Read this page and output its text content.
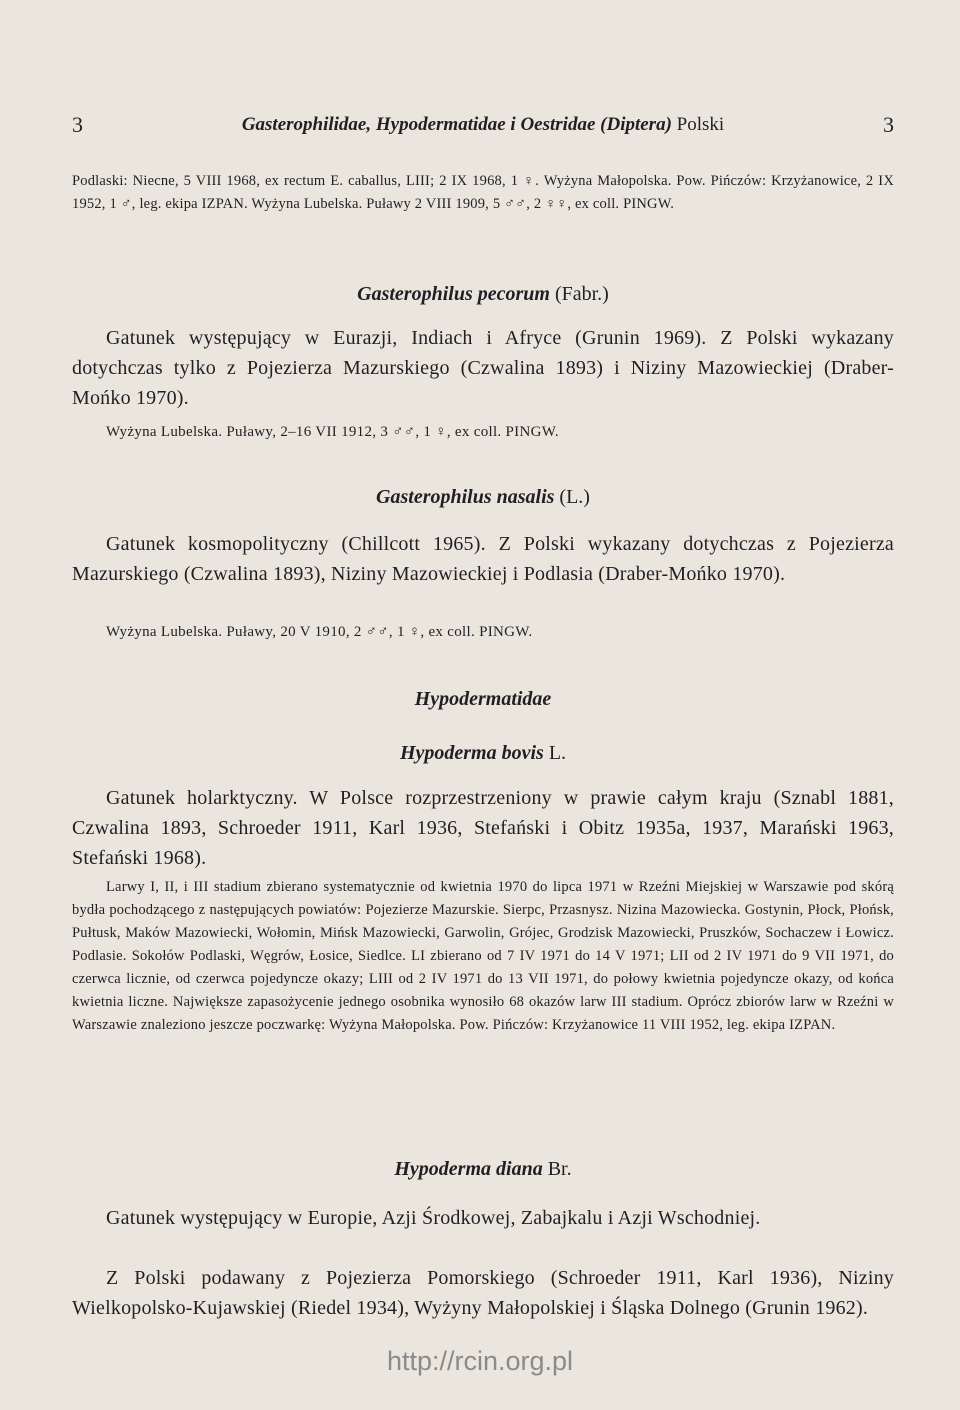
3	Gasterophilidae, Hypodermatidae i Oestridae (Diptera) Polski	3

Podlaski: Niecne, 5 VIII 1968, ex rectum E. caballus, LIII; 2 IX 1968, 1 ♀. Wyżyna Małopolska. Pow. Pińczów: Krzyżanowice, 2 IX 1952, 1 ♂, leg. ekipa IZPAN. Wyżyna Lubelska. Puławy 2 VIII 1909, 5 ♂♂, 2 ♀♀, ex coll. PINGW.

Gasterophilus pecorum (Fabr.)

Gatunek występujący w Eurazji, Indiach i Afryce (Grunin 1969). Z Polski wykazany dotychczas tylko z Pojezierza Mazurskiego (Czwalina 1893) i Niziny Mazowieckiej (Draber-Mońko 1970).

Wyżyna Lubelska. Puławy, 2–16 VII 1912, 3 ♂♂, 1 ♀, ex coll. PINGW.

Gasterophilus nasalis (L.)

Gatunek kosmopolityczny (Chillcott 1965). Z Polski wykazany dotychczas z Pojezierza Mazurskiego (Czwalina 1893), Niziny Mazowieckiej i Podlasia (Draber-Mońko 1970).

Wyżyna Lubelska. Puławy, 20 V 1910, 2 ♂♂, 1 ♀, ex coll. PINGW.

Hypodermatidae

Hypoderma bovis L.

Gatunek holarktyczny. W Polsce rozprzestrzeniony w prawie całym kraju (Sznabl 1881, Czwalina 1893, Schroeder 1911, Karl 1936, Stefański i Obitz 1935a, 1937, Marański 1963, Stefański 1968).

Larwy I, II, i III stadium zbierano systematycznie od kwietnia 1970 do lipca 1971 w Rzeźni Miejskiej w Warszawie pod skórą bydła pochodzącego z następujących powiatów: Pojezierze Mazurskie. Sierpc, Przasnysz. Nizina Mazowiecka. Gostynin, Płock, Płońsk, Pułtusk, Maków Mazowiecki, Wołomin, Mińsk Mazowiecki, Garwolin, Grójec, Grodzisk Mazowiecki, Pruszków, Sochaczew i Łowicz. Podlasie. Sokołów Podlaski, Węgrów, Łosice, Siedlce. LI zbierano od 7 IV 1971 do 14 V 1971; LII od 2 IV 1971 do 9 VII 1971, do czerwca licznie, od czerwca pojedyncze okazy; LIII od 2 IV 1971 do 13 VII 1971, do połowy kwietnia pojedyncze okazy, od końca kwietnia liczne. Największe zapasożycenie jednego osobnika wynosiło 68 okazów larw III stadium. Oprócz zbiorów larw w Rzeźni w Warszawie znaleziono jeszcze poczwarkę: Wyżyna Małopolska. Pow. Pińczów: Krzyżanowice 11 VIII 1952, leg. ekipa IZPAN.

Hypoderma diana Br.

Gatunek występujący w Europie, Azji Środkowej, Zabajkalu i Azji Wschodniej.

Z Polski podawany z Pojezierza Pomorskiego (Schroeder 1911, Karl 1936), Niziny Wielkopolsko-Kujawskiej (Riedel 1934), Wyżyny Małopolskiej i Śląska Dolnego (Grunin 1962).

http://rcin.org.pl
